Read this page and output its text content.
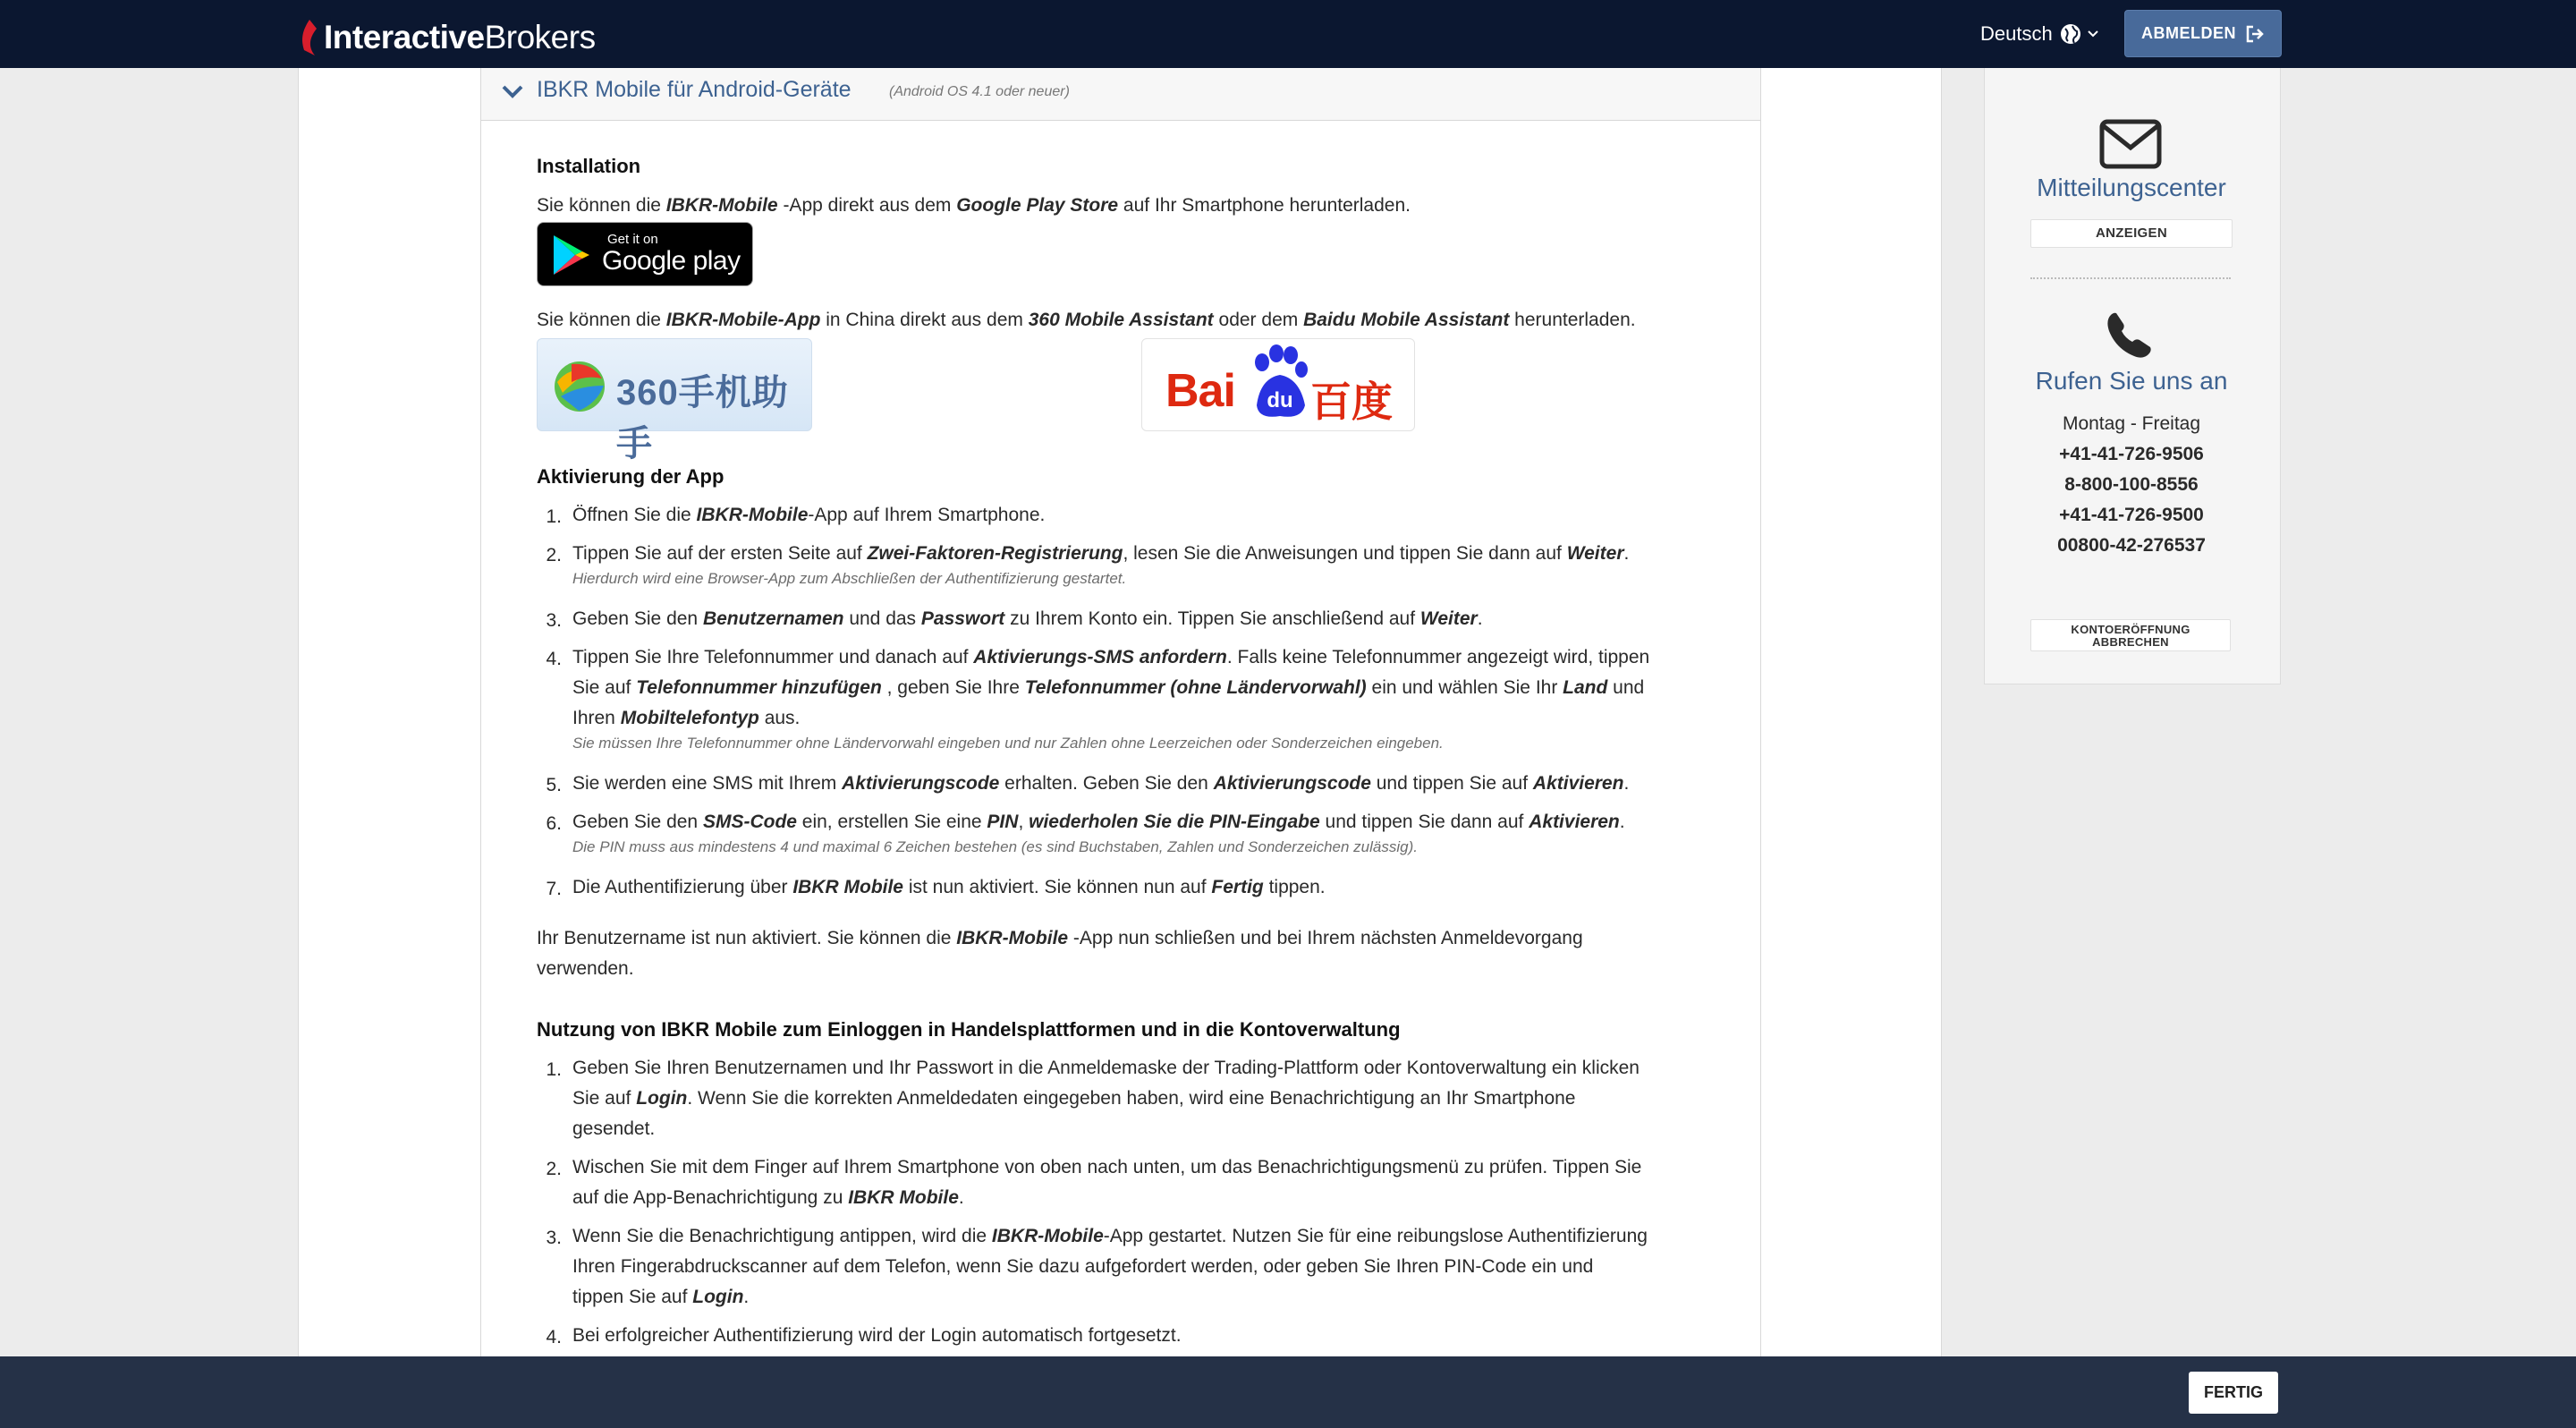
InteractiveBrokers	Deutsch	ABMELDEN
IBKR Mobile für Android-Geräte	(Android OS 4.1 oder neuer)
Installation
Sie können die IBKR-Mobile -App direkt aus dem Google Play Store auf Ihr Smartphone herunterladen.
Get it on
Google play
Sie können die IBKR-Mobile-App in China direkt aus dem 360 Mobile Assistant oder dem Baidu Mobile Assistant herunterladen.
360手机助手
Bai du 百度
Aktivierung der App
1. Öffnen Sie die IBKR-Mobile-App auf Ihrem Smartphone.
2. Tippen Sie auf der ersten Seite auf Zwei-Faktoren-Registrierung, lesen Sie die Anweisungen und tippen Sie dann auf Weiter.
Hierdurch wird eine Browser-App zum Abschließen der Authentifizierung gestartet.
3. Geben Sie den Benutzernamen und das Passwort zu Ihrem Konto ein. Tippen Sie anschließend auf Weiter.
4. Tippen Sie Ihre Telefonnummer und danach auf Aktivierungs-SMS anfordern. Falls keine Telefonnummer angezeigt wird, tippen
Sie auf Telefonnummer hinzufügen , geben Sie Ihre Telefonnummer (ohne Ländervorwahl) ein und wählen Sie Ihr Land und
Ihren Mobiltelefontyp aus.
Sie müssen Ihre Telefonnummer ohne Ländervorwahl eingeben und nur Zahlen ohne Leerzeichen oder Sonderzeichen eingeben.
5. Sie werden eine SMS mit Ihrem Aktivierungscode erhalten. Geben Sie den Aktivierungscode und tippen Sie auf Aktivieren.
6. Geben Sie den SMS-Code ein, erstellen Sie eine PIN, wiederholen Sie die PIN-Eingabe und tippen Sie dann auf Aktivieren.
Die PIN muss aus mindestens 4 und maximal 6 Zeichen bestehen (es sind Buchstaben, Zahlen und Sonderzeichen zulässig).
7. Die Authentifizierung über IBKR Mobile ist nun aktiviert. Sie können nun auf Fertig tippen.
Ihr Benutzername ist nun aktiviert. Sie können die IBKR-Mobile -App nun schließen und bei Ihrem nächsten Anmeldevorgang
verwenden.
Nutzung von IBKR Mobile zum Einloggen in Handelsplattformen und in die Kontoverwaltung
1. Geben Sie Ihren Benutzernamen und Ihr Passwort in die Anmeldemaske der Trading-Plattform oder Kontoverwaltung ein klicken
Sie auf Login. Wenn Sie die korrekten Anmeldedaten eingegeben haben, wird eine Benachrichtigung an Ihr Smartphone
gesendet.
2. Wischen Sie mit dem Finger auf Ihrem Smartphone von oben nach unten, um das Benachrichtigungsmenü zu prüfen. Tippen Sie
auf die App-Benachrichtigung zu IBKR Mobile.
3. Wenn Sie die Benachrichtigung antippen, wird die IBKR-Mobile-App gestartet. Nutzen Sie für eine reibungslose Authentifizierung
Ihren Fingerabdruckscanner auf dem Telefon, wenn Sie dazu aufgefordert werden, oder geben Sie Ihren PIN-Code ein und
tippen Sie auf Login.
4. Bei erfolgreicher Authentifizierung wird der Login automatisch fortgesetzt.
Mitteilungscenter
ANZEIGEN
Rufen Sie uns an
Montag - Freitag
+41-41-726-9506
8-800-100-8556
+41-41-726-9500
00800-42-276537
KONTOERÖFFNUNG
ABBRECHEN
FERTIG
